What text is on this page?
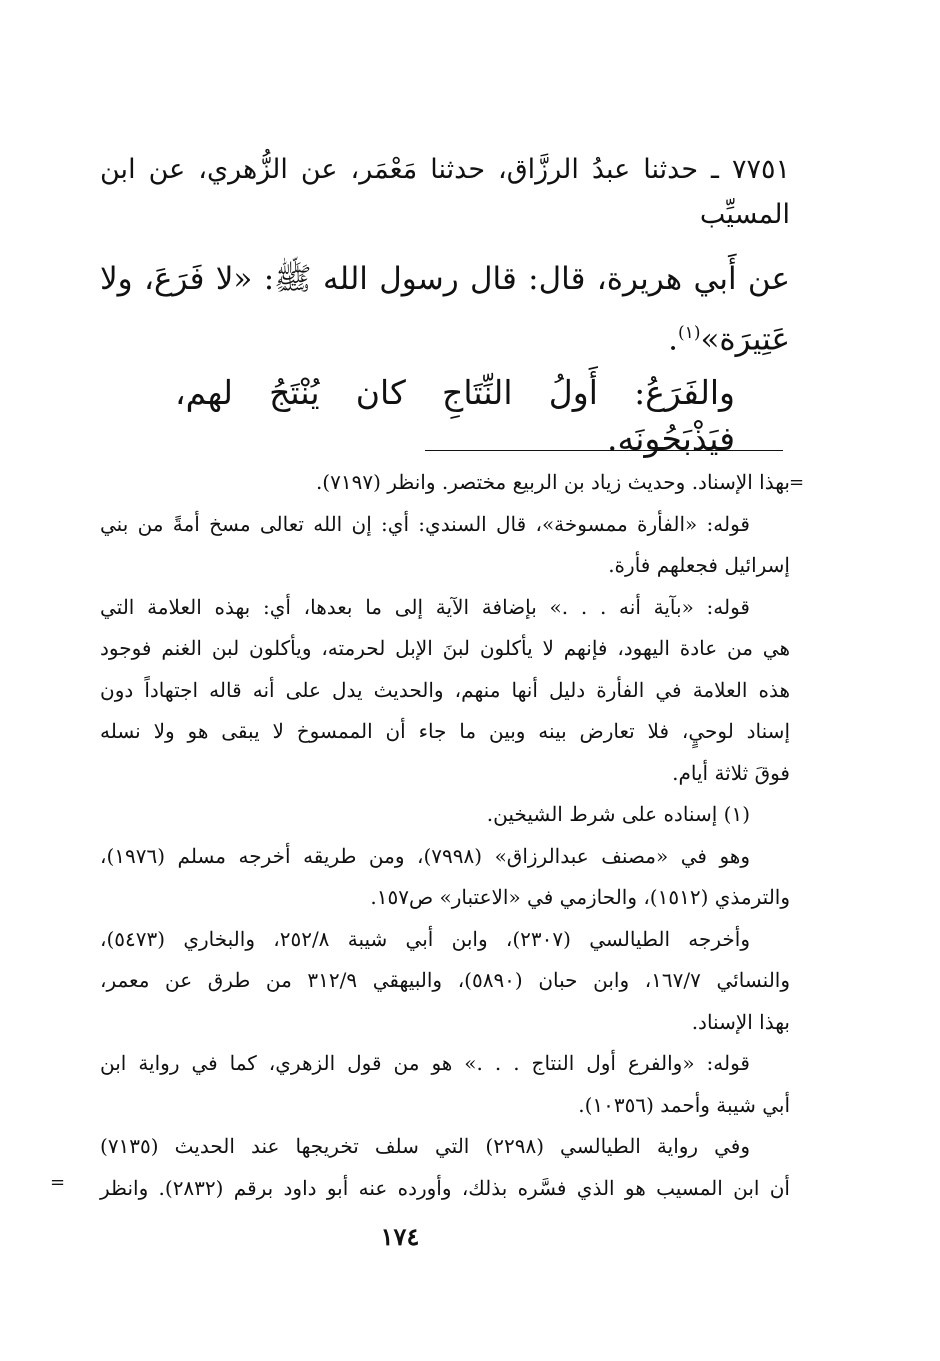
٧٧٥١ ـ حدثنا عبدُ الرزَّاق، حدثنا مَعْمَر، عن الزُّهري، عن ابن
المسيِّب
عن أَبي هريرة، قال: قال رسول الله ﷺ: «لا فَرَعَ، ولا
عَتِيرَة»$^{(١)}$.
والفَرَعُ: أَولُ النِّتَاجِ كان يُنْتَجُ لهم، فيَذْبَحُونَه.
=
بهذا الإسناد. وحديث زياد بن الربيع مختصر. وانظر (٧١٩٧).
قوله: «الفأرة ممسوخة»، قال السندي: أي: إن الله تعالى مسخ أمةً من بني
إسرائيل فجعلهم فأرة.
قوله: «بآية أنه . . .» بإضافة الآية إلى ما بعدها، أي: بهذه العلامة التي
هي من عادة اليهود، فإنهم لا يأكلون لبنَ الإبل لحرمته، ويأكلون لبن الغنم فوجود
هذه العلامة في الفأرة دليل أنها منهم، والحديث يدل على أنه قاله اجتهاداً دون
إسناد لوحيٍ، فلا تعارض بينه وبين ما جاء أن الممسوخ لا يبقى هو ولا نسله
فوقَ ثلاثة أيام.
(١) إسناده على شرط الشيخين.
وهو في «مصنف عبدالرزاق» (٧٩٩٨)، ومن طريقه أخرجه مسلم (١٩٧٦)،
والترمذي (١٥١٢)، والحازمي في «الاعتبار» ص١٥٧.
وأخرجه الطيالسي (٢٣٠٧)، وابن أبي شيبة ٢٥٢/٨، والبخاري (٥٤٧٣)،
والنسائي ١٦٧/٧، وابن حبان (٥٨٩٠)، والبيهقي ٣١٢/٩ من طرق عن معمر،
بهذا الإسناد.
قوله: «والفرع أول النتاج . . .» هو من قول الزهري، كما في رواية ابن
أبي شيبة وأحمد (١٠٣٥٦).
وفي رواية الطيالسي (٢٢٩٨) التي سلف تخريجها عند الحديث (٧١٣٥)
أن ابن المسيب هو الذي فسَّره بذلك، وأورده عنه أبو داود برقم (٢٨٣٢). وانظر
=
١٧٤
